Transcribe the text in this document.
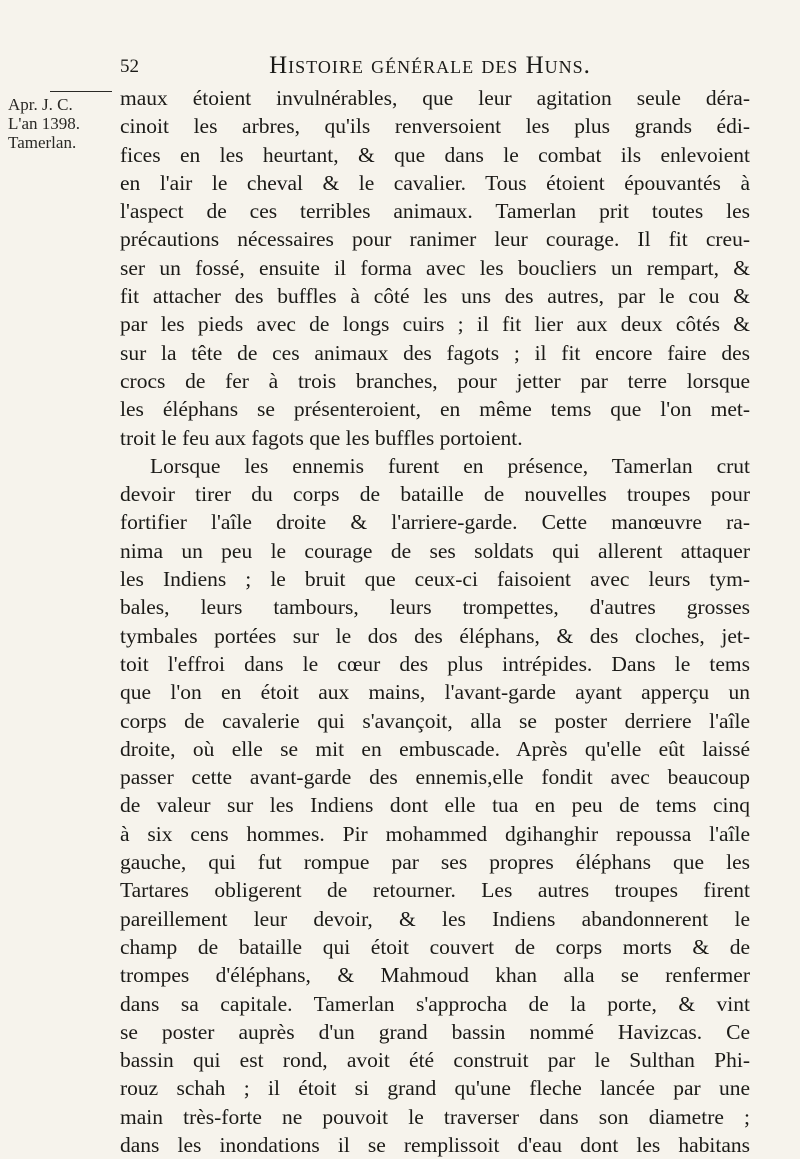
52	Histoire générale des Huns.
Apr. J. C.
L'an 1398.
Tamerlan.
maux étoient invulnérables, que leur agitation seule déra-
cinoit les arbres, qu'ils renversoient les plus grands édi-
fices en les heurtant, & que dans le combat ils enlevoient
en l'air le cheval & le cavalier. Tous étoient épouvantés à
l'aspect de ces terribles animaux. Tamerlan prit toutes les
précautions nécessaires pour ranimer leur courage. Il fit creu-
ser un fossé, ensuite il forma avec les boucliers un rempart, &
fit attacher des buffles à côté les uns des autres, par le cou &
par les pieds avec de longs cuirs ; il fit lier aux deux côtés &
sur la tête de ces animaux des fagots ; il fit encore faire des
crocs de fer à trois branches, pour jetter par terre lorsque
les éléphans se présenteroient, en même tems que l'on met-
troit le feu aux fagots que les buffles portoient.
Lorsque les ennemis furent en présence, Tamerlan crut
devoir tirer du corps de bataille de nouvelles troupes pour
fortifier l'aîle droite & l'arriere-garde. Cette manœuvre ra-
nima un peu le courage de ses soldats qui allerent attaquer
les Indiens ; le bruit que ceux-ci faisoient avec leurs tym-
bales, leurs tambours, leurs trompettes, d'autres grosses
tymbales portées sur le dos des éléphans, & des cloches, jet-
toit l'effroi dans le cœur des plus intrépides. Dans le tems
que l'on en étoit aux mains, l'avant-garde ayant apperçu un
corps de cavalerie qui s'avançoit, alla se poster derriere l'aîle
droite, où elle se mit en embuscade. Après qu'elle eût laissé
passer cette avant-garde des ennemis,elle fondit avec beaucoup
de valeur sur les Indiens dont elle tua en peu de tems cinq
à six cens hommes. Pir mohammed dgihanghir repoussa l'aîle
gauche, qui fut rompue par ses propres éléphans que les
Tartares obligerent de retourner. Les autres troupes firent
pareillement leur devoir, & les Indiens abandonnerent le
champ de bataille qui étoit couvert de corps morts & de
trompes d'éléphans, & Mahmoud khan alla se renfermer
dans sa capitale. Tamerlan s'approcha de la porte, & vint
se poster auprès d'un grand bassin nommé Havizcas. Ce
bassin qui est rond, avoit été construit par le Sulthan Phi-
rouz schah ; il étoit si grand qu'une fleche lancée par une
main très-forte ne pouvoit le traverser dans son diametre ;
dans les inondations il se remplissoit d'eau dont les habitans
